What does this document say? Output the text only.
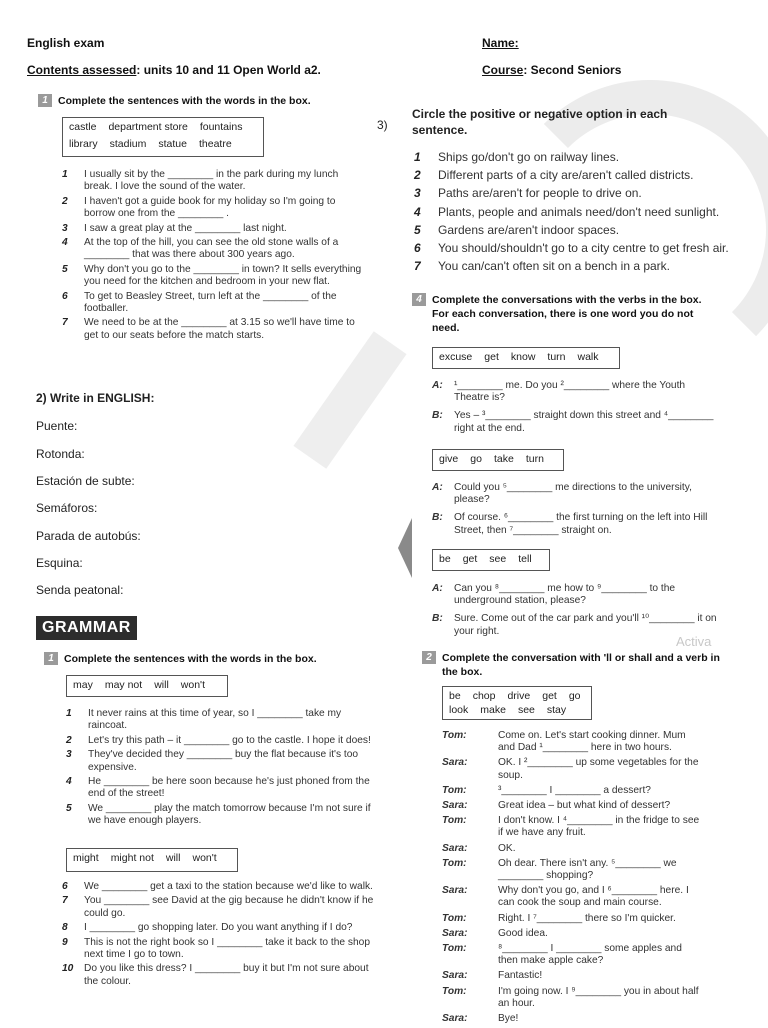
English exam
Contents assessed: units 10 and 11 Open World a2.
Name:
Course: Second Seniors
1 Complete the sentences with the words in the box.
castle department store fountains
library stadium statue theatre
1	I usually sit by the ________ in the park during my lunch break. I love the sound of the water.
2	I haven't got a guide book for my holiday so I'm going to borrow one from the ________ .
3	I saw a great play at the ________ last night.
4	At the top of the hill, you can see the old stone walls of a ________ that was there about 300 years ago.
5	Why don't you go to the ________ in town? It sells everything you need for the kitchen and bedroom in your new flat.
6	To get to Beasley Street, turn left at the ________ of the footballer.
7	We need to be at the ________ at 3.15 so we'll have time to get to our seats before the match starts.
2) Write in ENGLISH:
Puente:
Rotonda:
Estación de subte:
Semáforos:
Parada de autobús:
Esquina:
Senda peatonal:
GRAMMAR
1 Complete the sentences with the words in the box.
may may not will won't
1	It never rains at this time of year, so I ________ take my raincoat.
2	Let's try this path – it ________ go to the castle. I hope it does!
3	They've decided they ________ buy the flat because it's too expensive.
4	He ________ be here soon because he's just phoned from the end of the street!
5	We ________ play the match tomorrow because I'm not sure if we have enough players.
might might not will won't
6	We ________ get a taxi to the station because we'd like to walk.
7	You ________ see David at the gig because he didn't know if he could go.
8	I ________ go shopping later. Do you want anything if I do?
9	This is not the right book so I ________ take it back to the shop next time I go to town.
10	Do you like this dress? I ________ buy it but I'm not sure about the colour.
3)
Circle the positive or negative option in each sentence.
1	Ships go/don't go on railway lines.
2	Different parts of a city are/aren't called districts.
3	Paths are/aren't for people to drive on.
4	Plants, people and animals need/don't need sunlight.
5	Gardens are/aren't indoor spaces.
6	You should/shouldn't go to a city centre to get fresh air.
7	You can/can't often sit on a bench in a park.
4 Complete the conversations with the verbs in the box. For each conversation, there is one word you do not need.
excuse get know turn walk
A:	¹________ me. Do you ²________ where the Youth Theatre is?
B:	Yes – ³________ straight down this street and ⁴________ right at the end.
give go take turn
A:	Could you ⁵________ me directions to the university, please?
B:	Of course. ⁶________ the first turning on the left into Hill Street, then ⁷________ straight on.
be get see tell
A:	Can you ⁸________ me how to ⁹________ to the underground station, please?
B:	Sure. Come out of the car park and you'll ¹⁰________ it on your right.
Activa
2 Complete the conversation with 'll or shall and a verb in the box.
be chop drive get go
look make see stay
Tom:	Come on. Let's start cooking dinner. Mum and Dad ¹________ here in two hours.
Sara:	OK. I ²________ up some vegetables for the soup.
Tom:	³________ I ________ a dessert?
Sara:	Great idea – but what kind of dessert?
Tom:	I don't know. I ⁴________ in the fridge to see if we have any fruit.
Sara:	OK.
Tom:	Oh dear. There isn't any. ⁵________ we ________ shopping?
Sara:	Why don't you go, and I ⁶________ here. I can cook the soup and main course.
Tom:	Right. I ⁷________ there so I'm quicker.
Sara:	Good idea.
Tom:	⁸________ I ________ some apples and then make apple cake?
Sara:	Fantastic!
Tom:	I'm going now. I ⁹________ you in about half an hour.
Sara:	Bye!
